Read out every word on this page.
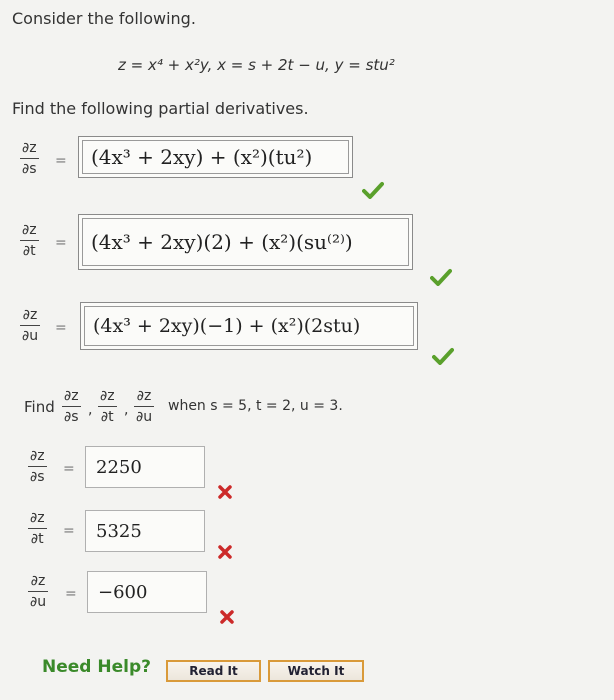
Consider the following.
z = x⁴ + x²y, x = s + 2t − u, y = stu²
Find the following partial derivatives.
∂z
∂s =	(4x³ + 2xy) + (x²)(tu²)
∂z
∂t =	(4x³ + 2xy)(2) + (x²)(su⁽²⁾)
∂z
∂u =	(4x³ + 2xy)(−1) + (x²)(2stu)
Find
∂z
∂s ,
∂z
∂t ,
∂z
∂u
when s = 5, t = 2, u = 3.
∂z
∂s =	2250
∂z
∂t =	5325
∂z
∂u =	−600
Need Help?	Read It	Watch It
